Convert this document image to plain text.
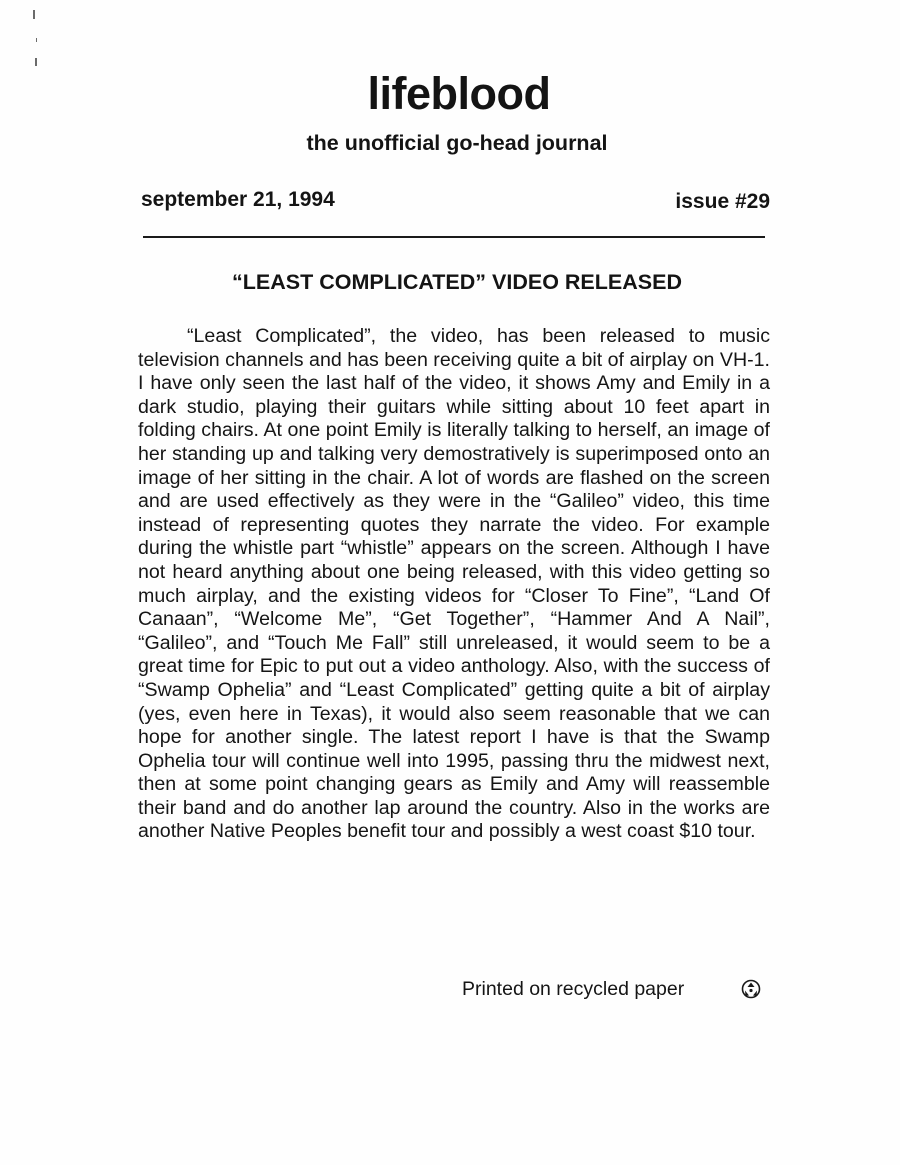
lifeblood
the unofficial go-head journal
september 21, 1994	issue #29
“LEAST COMPLICATED” VIDEO RELEASED

“Least Complicated”, the video, has been released to music television channels and has been receiving quite a bit of airplay on VH-1. I have only seen the last half of the video, it shows Amy and Emily in a dark studio, playing their guitars while sitting about 10 feet apart in folding chairs. At one point Emily is literally talking to herself, an image of her standing up and talking very demostratively is superimposed onto an image of her sitting in the chair. A lot of words are flashed on the screen and are used effectively as they were in the “Galileo” video, this time instead of representing quotes they narrate the video. For example during the whistle part “whistle” appears on the screen. Although I have not heard anything about one being released, with this video getting so much airplay, and the existing videos for “Closer To Fine”, “Land Of Canaan”, “Welcome Me”, “Get Together”, “Hammer And A Nail”, “Galileo”, and “Touch Me Fall” still unreleased, it would seem to be a great time for Epic to put out a video anthology. Also, with the success of “Swamp Ophelia” and “Least Complicated” getting quite a bit of airplay (yes, even here in Texas), it would also seem reasonable that we can hope for another single. The latest report I have is that the Swamp Ophelia tour will continue well into 1995, passing thru the midwest next, then at some point changing gears as Emily and Amy will reassemble their band and do another lap around the country. Also in the works are another Native Peoples benefit tour and possibly a west coast $10 tour.

Printed on recycled paper
